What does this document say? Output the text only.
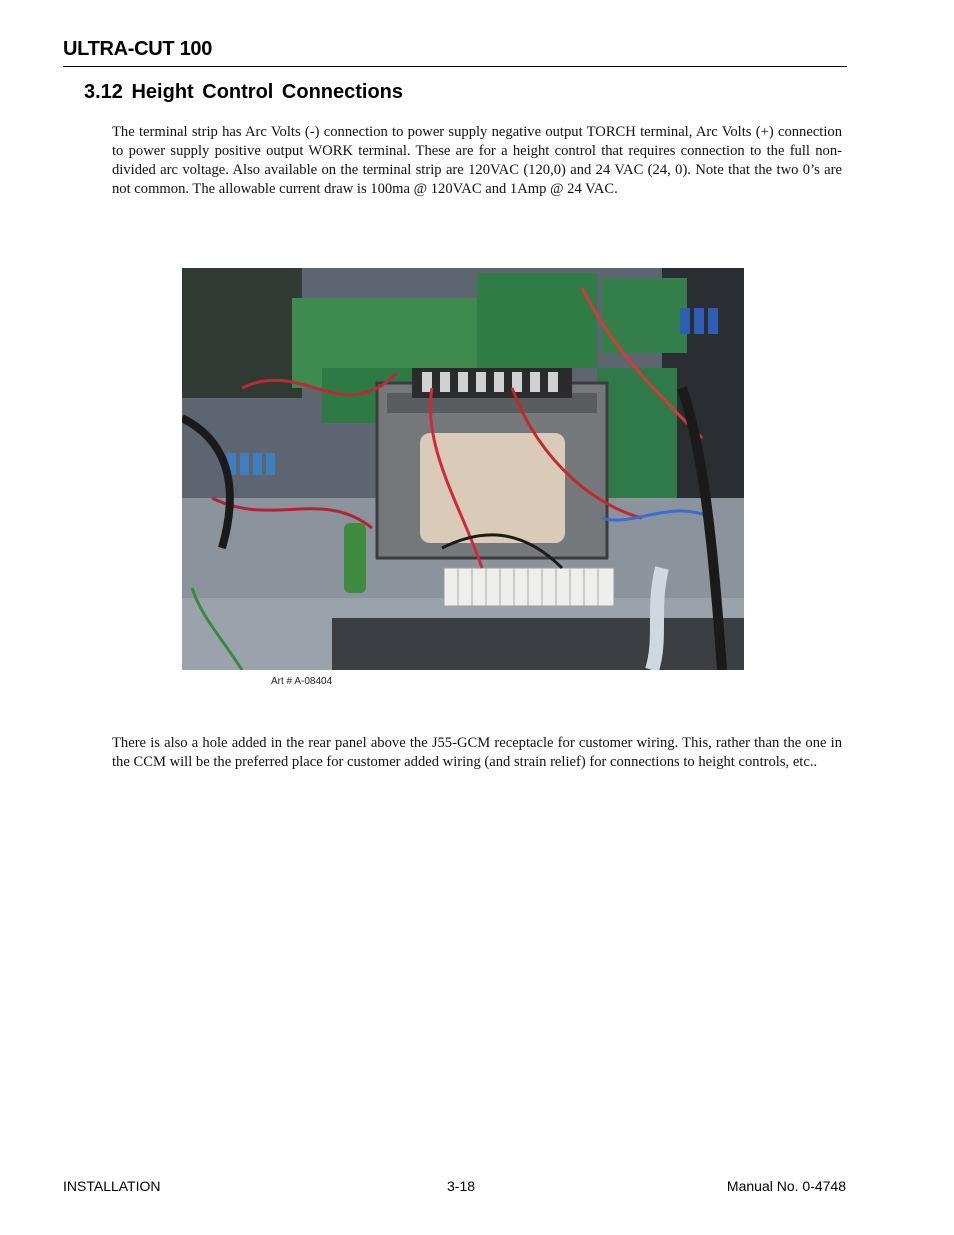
ULTRA-CUT 100
3.12 Height Control Connections

The terminal strip has Arc Volts (-) connection to power supply negative output TORCH terminal, Arc Volts (+) connection to power supply positive output WORK terminal. These are for a height control that requires connection to the full non-divided arc voltage. Also available on the terminal strip are 120VAC (120,0) and 24 VAC (24, 0). Note that the two 0’s are not common. The allowable current draw is 100ma @ 120VAC and 1Amp @ 24 VAC.

Art # A-08404

There is also a hole added in the rear panel above the J55-GCM receptacle for customer wiring. This, rather than the one in the CCM will be the preferred place for customer added wiring (and strain relief) for connections to height controls, etc..

INSTALLATION	3-18	Manual No. 0-4748
